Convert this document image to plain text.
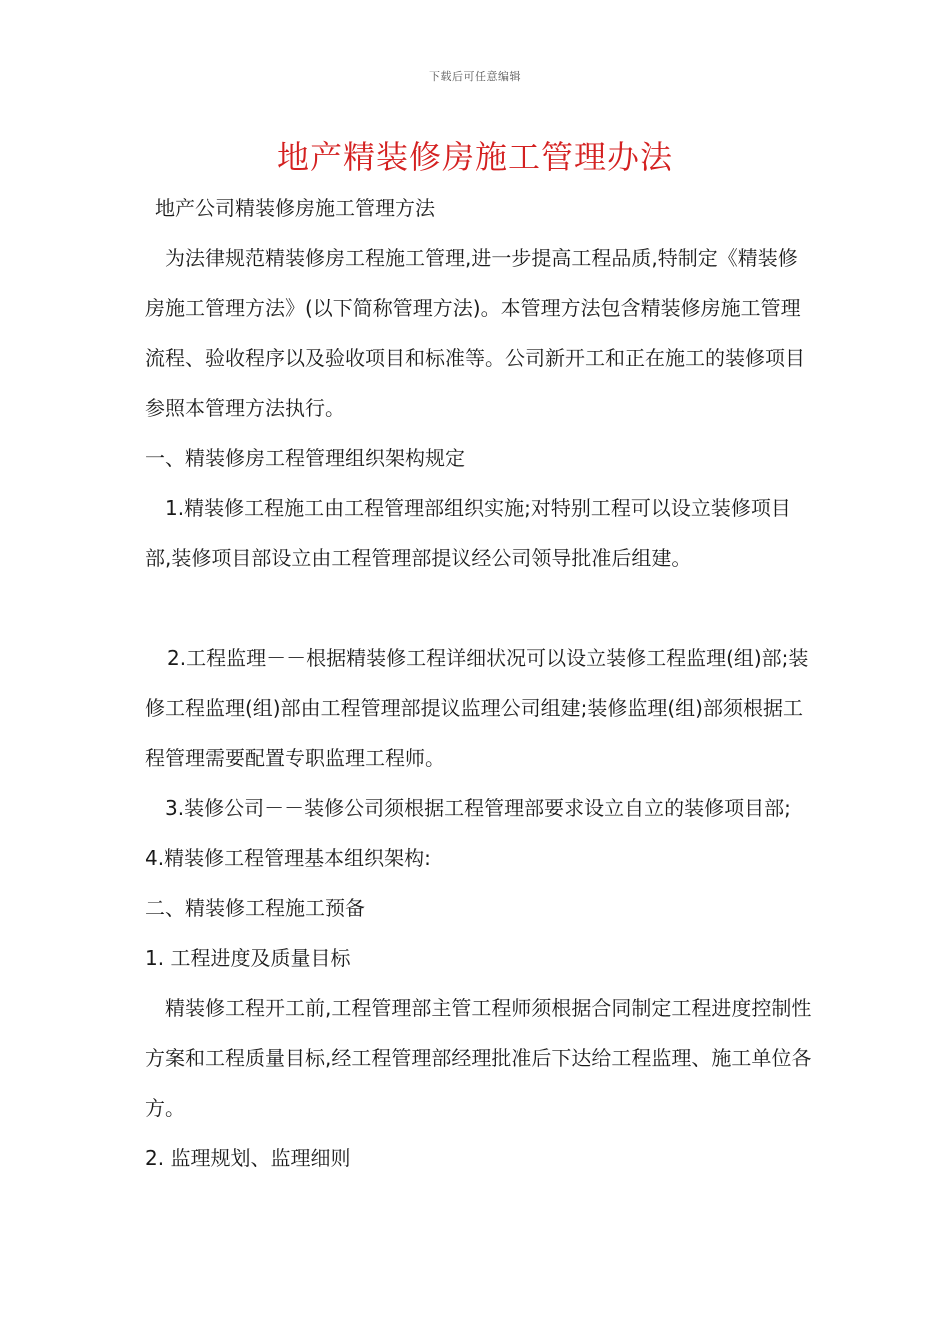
下载后可任意编辑
地产精装修房施工管理办法

地产公司精装修房施工管理方法

为法律规范精装修房工程施工管理,进一步提高工程品质,特制定《精装修房施工管理方法》(以下简称管理方法)。本管理方法包含精装修房施工管理流程、验收程序以及验收项目和标准等。公司新开工和正在施工的装修项目参照本管理方法执行。

一、精装修房工程管理组织架构规定

1.精装修工程施工由工程管理部组织实施;对特别工程可以设立装修项目部,装修项目部设立由工程管理部提议经公司领导批准后组建。

2.工程监理－－根据精装修工程详细状况可以设立装修工程监理(组)部;装修工程监理(组)部由工程管理部提议监理公司组建;装修监理(组)部须根据工程管理需要配置专职监理工程师。

3.装修公司－－装修公司须根据工程管理部要求设立自立的装修项目部;

4.精装修工程管理基本组织架构:

二、精装修工程施工预备

1. 工程进度及质量目标

精装修工程开工前,工程管理部主管工程师须根据合同制定工程进度控制性方案和工程质量目标,经工程管理部经理批准后下达给工程监理、施工单位各方。

2. 监理规划、监理细则
